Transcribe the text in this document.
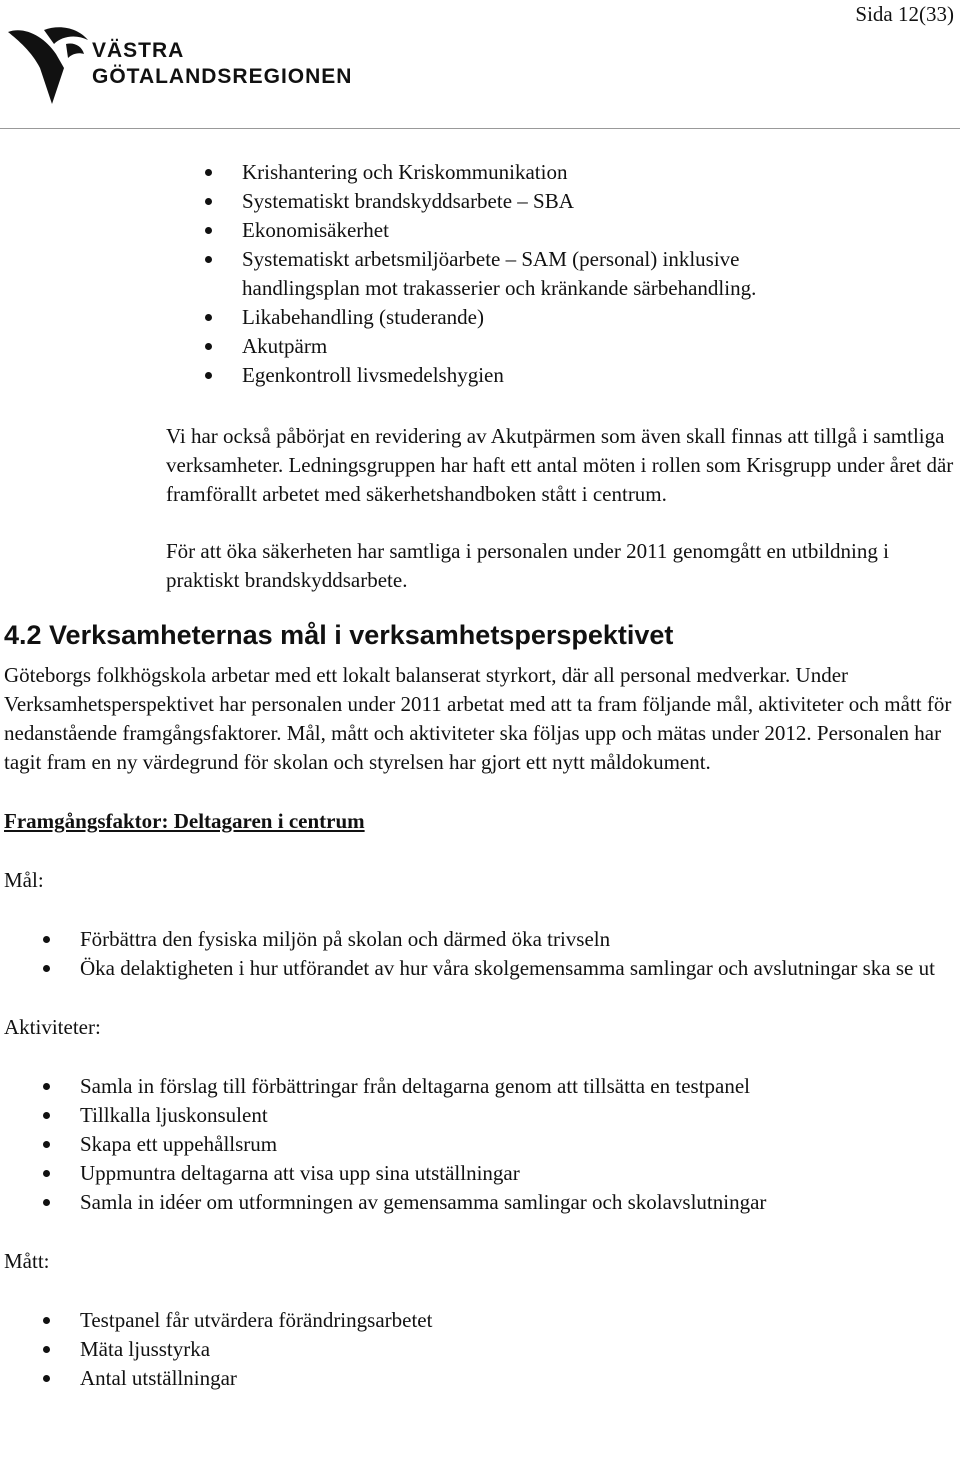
Sida 12(33)
VÄSTRA
GÖTALANDSREGIONEN
Krishantering och Kriskommunikation
Systematiskt brandskyddsarbete – SBA
Ekonomisäkerhet
Systematiskt arbetsmiljöarbete – SAM (personal) inklusive handlingsplan mot trakasserier och kränkande särbehandling.
Likabehandling (studerande)
Akutpärm
Egenkontroll livsmedelshygien

Vi har också påbörjat en revidering av Akutpärmen som även skall finnas att tillgå i samtliga verksamheter. Ledningsgruppen har haft ett antal möten i rollen som Krisgrupp under året där framförallt arbetet med säkerhetshandboken stått i centrum.

För att öka säkerheten har samtliga i personalen under 2011 genomgått en utbildning i praktiskt brandskyddsarbete.

4.2 Verksamheternas mål i verksamhetsperspektivet

Göteborgs folkhögskola arbetar med ett lokalt balanserat styrkort, där all personal medverkar. Under Verksamhetsperspektivet har personalen under 2011 arbetat med att ta fram följande mål, aktiviteter och mått för nedanstående framgångsfaktorer. Mål, mått och aktiviteter ska följas upp och mätas under 2012. Personalen har tagit fram en ny värdegrund för skolan och styrelsen har gjort ett nytt måldokument.

Framgångsfaktor: Deltagaren i centrum

Mål:

Förbättra den fysiska miljön på skolan och därmed öka trivseln
Öka delaktigheten i hur utförandet av hur våra skolgemensamma samlingar och avslutningar ska se ut

Aktiviteter:

Samla in förslag till förbättringar från deltagarna genom att tillsätta en testpanel
Tillkalla ljuskonsulent
Skapa ett uppehållsrum
Uppmuntra deltagarna att visa upp sina utställningar
Samla in idéer om utformningen av gemensamma samlingar och skolavslutningar

Mått:

Testpanel får utvärdera förändringsarbetet
Mäta ljusstyrka
Antal utställningar
